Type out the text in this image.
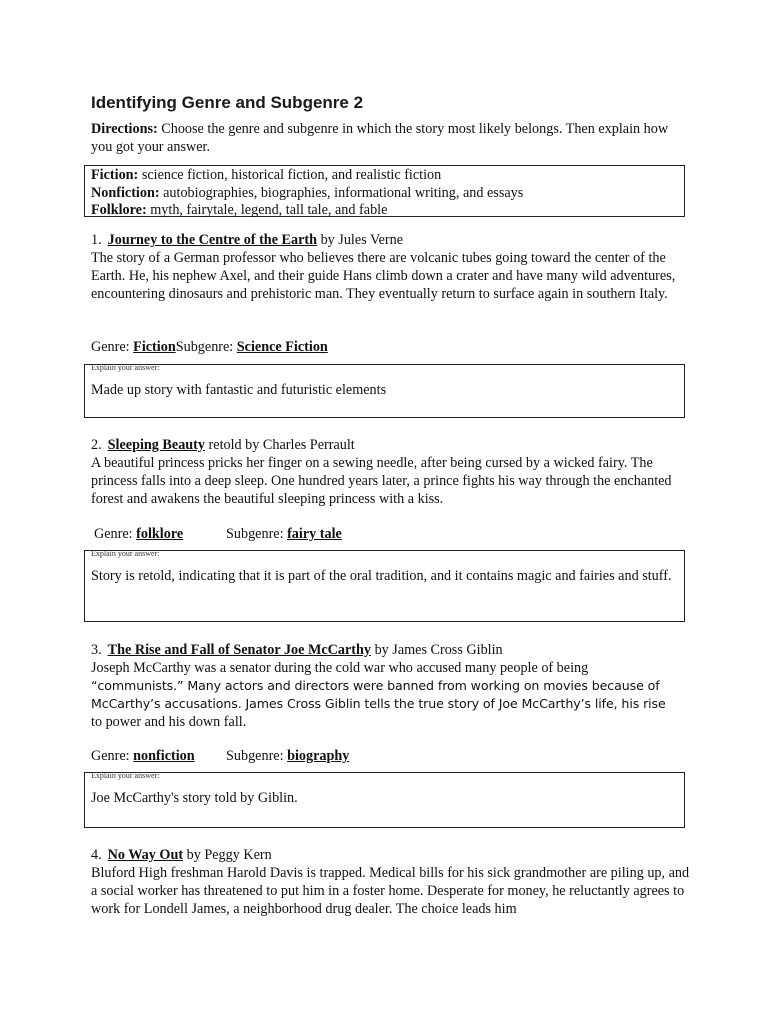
Identifying Genre and Subgenre 2
Directions: Choose the genre and subgenre in which the story most likely belongs. Then explain how you got your answer.
Fiction: science fiction, historical fiction, and realistic fiction
Nonfiction: autobiographies, biographies, informational writing, and essays
Folklore: myth, fairytale, legend, tall tale, and fable
1. Journey to the Centre of the Earth by Jules Verne
The story of a German professor who believes there are volcanic tubes going toward the center of the Earth. He, his nephew Axel, and their guide Hans climb down a crater and have many wild adventures, encountering dinosaurs and prehistoric man. They eventually return to surface again in southern Italy.
Genre: FictionSubgenre: Science Fiction
Explain your answer:
Made up story with fantastic and futuristic elements
2. Sleeping Beauty retold by Charles Perrault
A beautiful princess pricks her finger on a sewing needle, after being cursed by a wicked fairy. The princess falls into a deep sleep. One hundred years later, a prince fights his way through the enchanted forest and awakens the beautiful sleeping princess with a kiss.
Genre: folklore	Subgenre: fairy tale
Explain your answer:
Story is retold, indicating that it is part of the oral tradition, and it contains magic and fairies and stuff.
3. The Rise and Fall of Senator Joe McCarthy by James Cross Giblin
Joseph McCarthy was a senator during the cold war who accused many people of being
“communists.” Many actors and directors were banned from working on movies because of McCarthy’s accusations. James Cross Giblin tells the true story of Joe McCarthy’s life, his rise
to power and his down fall.
Genre: nonfiction Subgenre: biography
Explain your answer:
Joe McCarthy's story told by Giblin.
4. No Way Out by Peggy Kern
Bluford High freshman Harold Davis is trapped. Medical bills for his sick grandmother are piling up, and a social worker has threatened to put him in a foster home. Desperate for money, he reluctantly agrees to work for Londell James, a neighborhood drug dealer. The choice leads him
